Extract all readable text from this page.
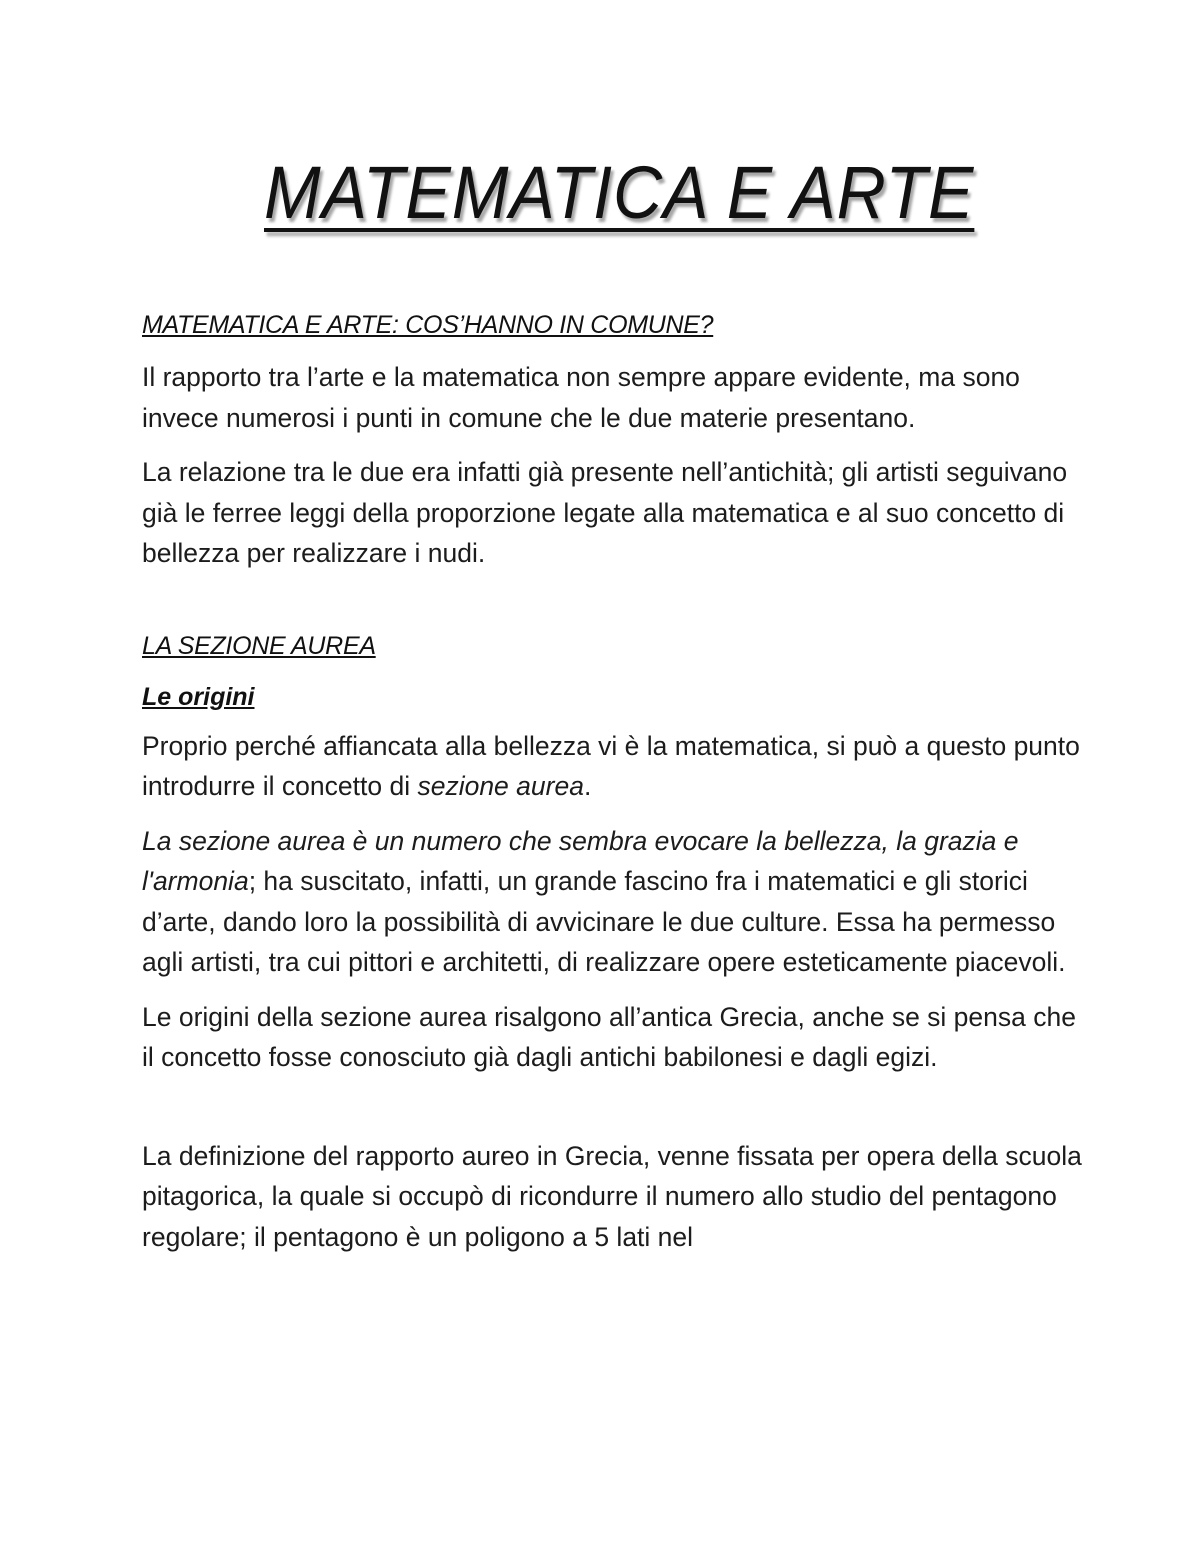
MATEMATICA E ARTE
MATEMATICA E ARTE: COS’HANNO IN COMUNE?

Il rapporto tra l’arte e la matematica non sempre appare evidente, ma sono invece numerosi i punti in comune che le due materie presentano.

La relazione tra le due era infatti già presente nell’antichità; gli artisti seguivano già le ferree leggi della proporzione legate alla matematica e al suo concetto di bellezza per realizzare i nudi.

LA SEZIONE AUREA
Le origini

Proprio perché affiancata alla bellezza vi è la matematica, si può a questo punto introdurre il concetto di sezione aurea.

La sezione aurea è un numero che sembra evocare la bellezza, la grazia e l'armonia; ha suscitato, infatti, un grande fascino fra i matematici e gli storici d’arte, dando loro la possibilità di avvicinare le due culture. Essa ha permesso agli artisti, tra cui pittori e architetti, di realizzare opere esteticamente piacevoli.

Le origini della sezione aurea risalgono all’antica Grecia, anche se si pensa che il concetto fosse conosciuto già dagli antichi babilonesi e dagli egizi.

La definizione del rapporto aureo in Grecia, venne fissata per opera della scuola pitagorica, la quale si occupò di ricondurre il numero allo studio del pentagono regolare; il pentagono è un poligono a 5 lati nel
